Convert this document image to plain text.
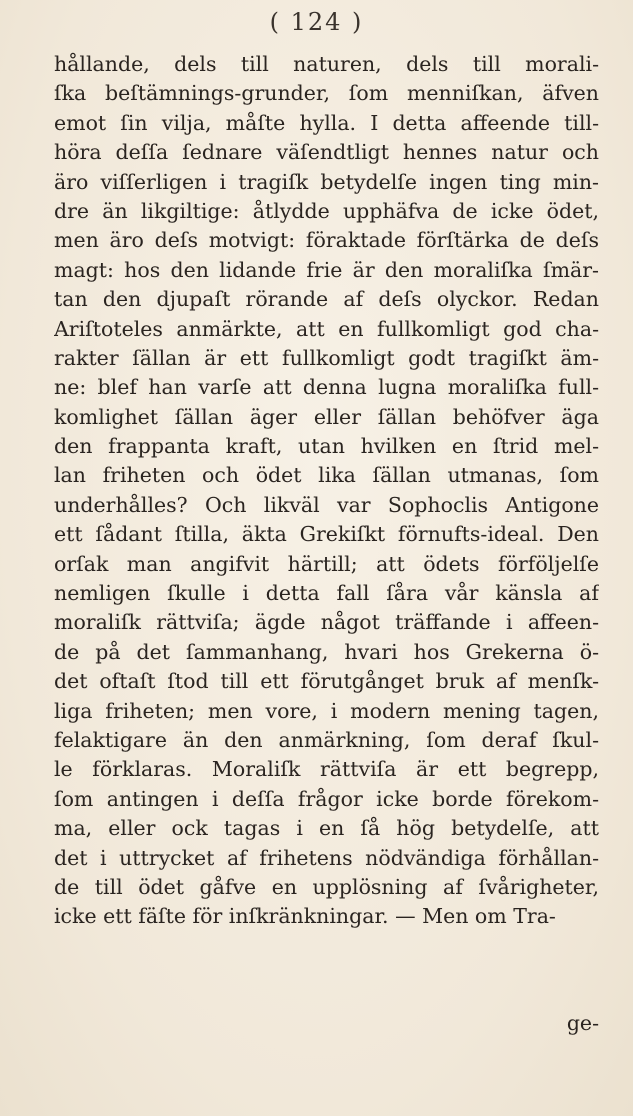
( 124 )
hållande, dels till naturen, dels till morali-
ſka beſtämnings-grunder, ſom menniſkan, äfven
emot ſin vilja, måſte hylla. I detta affeende till-
höra deſſa ſednare väſendtligt hennes natur och
äro viſſerligen i tragiſk betydelſe ingen ting min-
dre än likgiltige: åtlydde upphäfva de icke ödet,
men äro deſs motvigt: föraktade förſtärka de deſs
magt: hos den lidande frie är den moraliſka ſmär-
tan den djupaſt rörande af deſs olyckor. Redan
Ariſtoteles anmärkte, att en fullkomligt god cha-
rakter ſällan är ett fullkomligt godt tragiſkt äm-
ne: blef han varſe att denna lugna moraliſka full-
komlighet ſällan äger eller ſällan behöfver äga
den frappanta kraft, utan hvilken en ſtrid mel-
lan friheten och ödet lika ſällan utmanas, ſom
underhålles? Och likväl var Sophoclis Antigone
ett ſådant ſtilla, äkta Grekiſkt förnufts-ideal. Den
orſak man angifvit härtill; att ödets förföljelſe
nemligen ſkulle i detta fall ſåra vår känsla af
moraliſk rättviſa; ägde något träffande i affeen-
de på det ſammanhang, hvari hos Grekerna ö-
det oftaſt ſtod till ett förutgånget bruk af menſk-
liga friheten; men vore, i modern mening tagen,
felaktigare än den anmärkning, ſom deraf ſkul-
le förklaras. Moraliſk rättviſa är ett begrepp,
ſom antingen i deſſa frågor icke borde förekom-
ma, eller ock tagas i en ſå hög betydelſe, att
det i uttrycket af frihetens nödvändiga förhållan-
de till ödet gåfve en upplösning af ſvårigheter,
icke ett fäſte för inſkränkningar. — Men om Tra-
ge-
